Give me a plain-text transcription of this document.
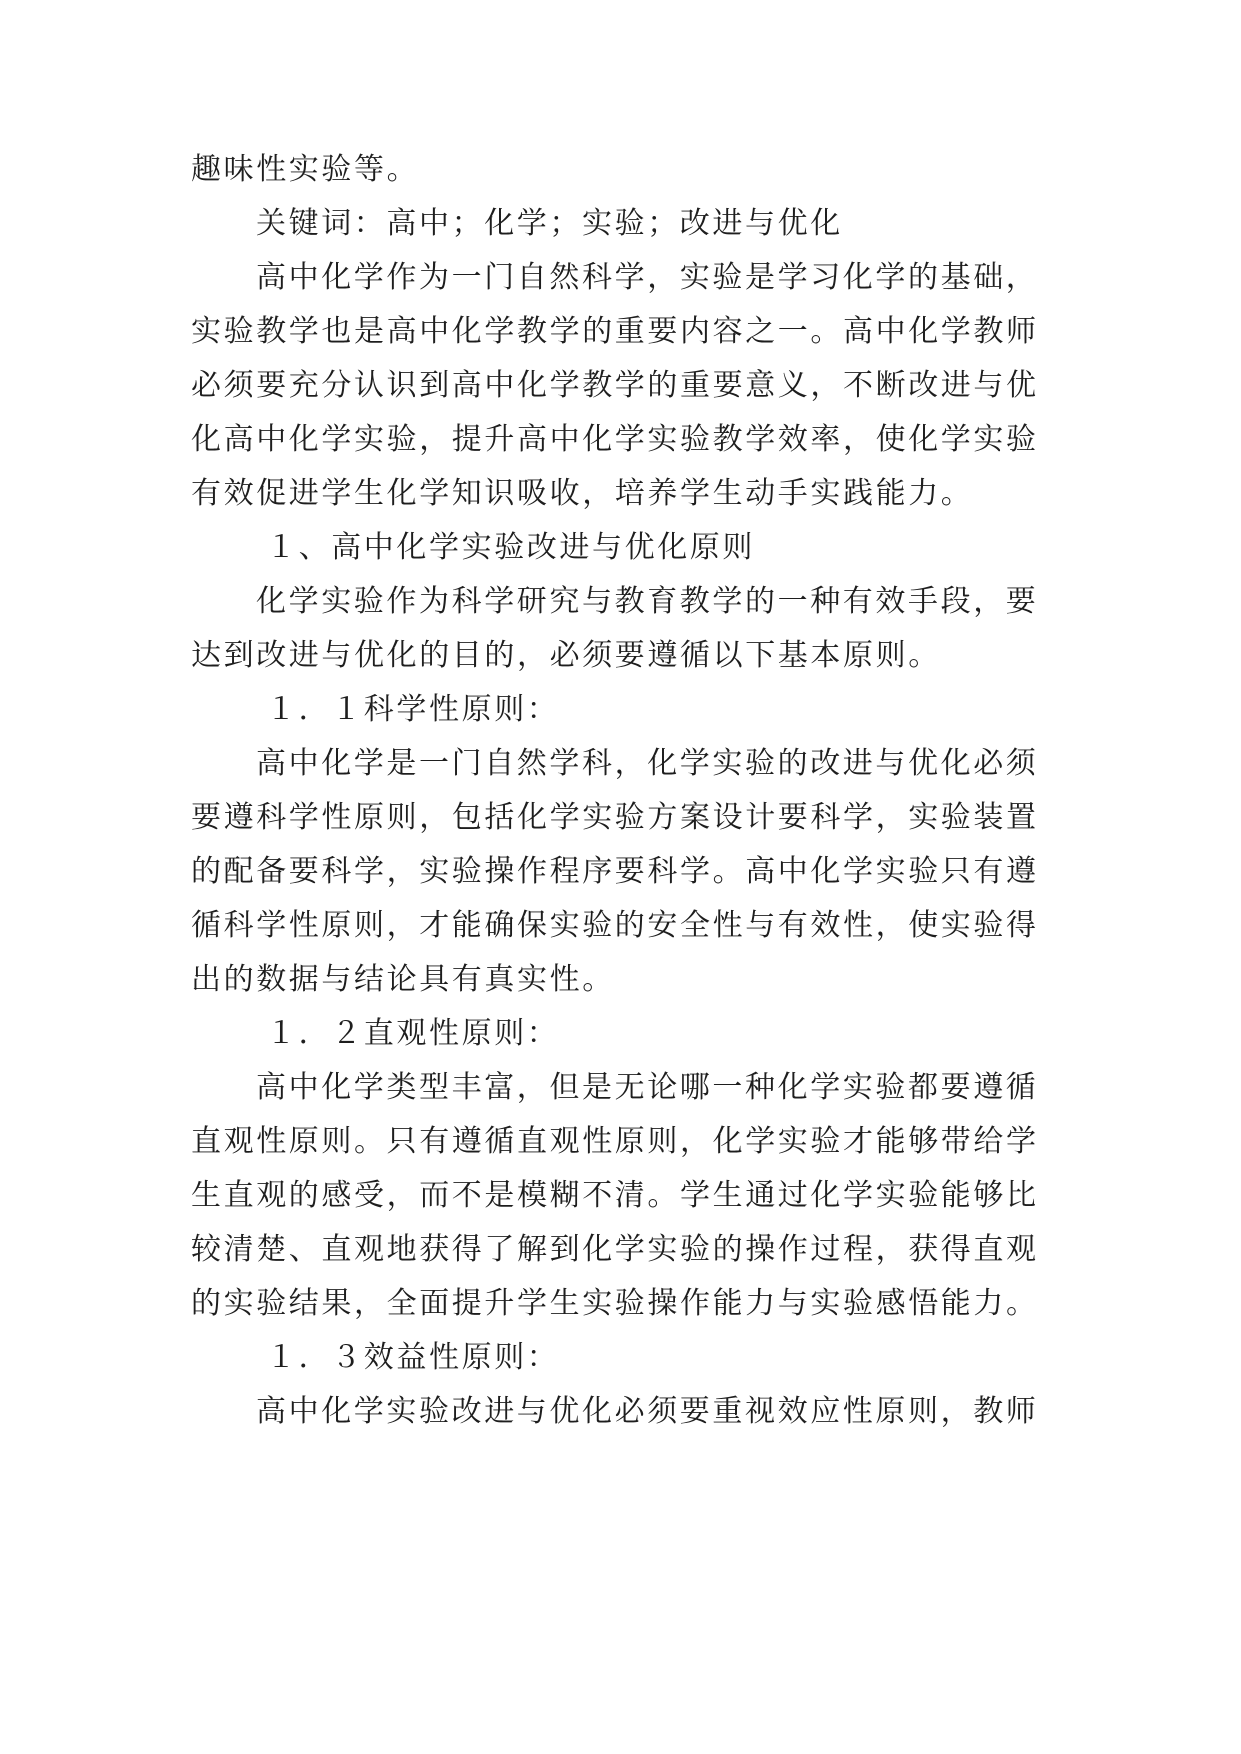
趣味性实验等。
关键词：高中；化学；实验；改进与优化
高中化学作为一门自然科学，实验是学习化学的基础，
实验教学也是高中化学教学的重要内容之一。高中化学教师
必须要充分认识到高中化学教学的重要意义，不断改进与优
化高中化学实验，提升高中化学实验教学效率，使化学实验
有效促进学生化学知识吸收，培养学生动手实践能力。
１、高中化学实验改进与优化原则
化学实验作为科学研究与教育教学的一种有效手段，要
达到改进与优化的目的，必须要遵循以下基本原则。
１．１科学性原则：
高中化学是一门自然学科，化学实验的改进与优化必须
要遵科学性原则，包括化学实验方案设计要科学，实验装置
的配备要科学，实验操作程序要科学。高中化学实验只有遵
循科学性原则，才能确保实验的安全性与有效性，使实验得
出的数据与结论具有真实性。
１．２直观性原则：
高中化学类型丰富，但是无论哪一种化学实验都要遵循
直观性原则。只有遵循直观性原则，化学实验才能够带给学
生直观的感受，而不是模糊不清。学生通过化学实验能够比
较清楚、直观地获得了解到化学实验的操作过程，获得直观
的实验结果，全面提升学生实验操作能力与实验感悟能力。
１．３效益性原则：
高中化学实验改进与优化必须要重视效应性原则，教师
